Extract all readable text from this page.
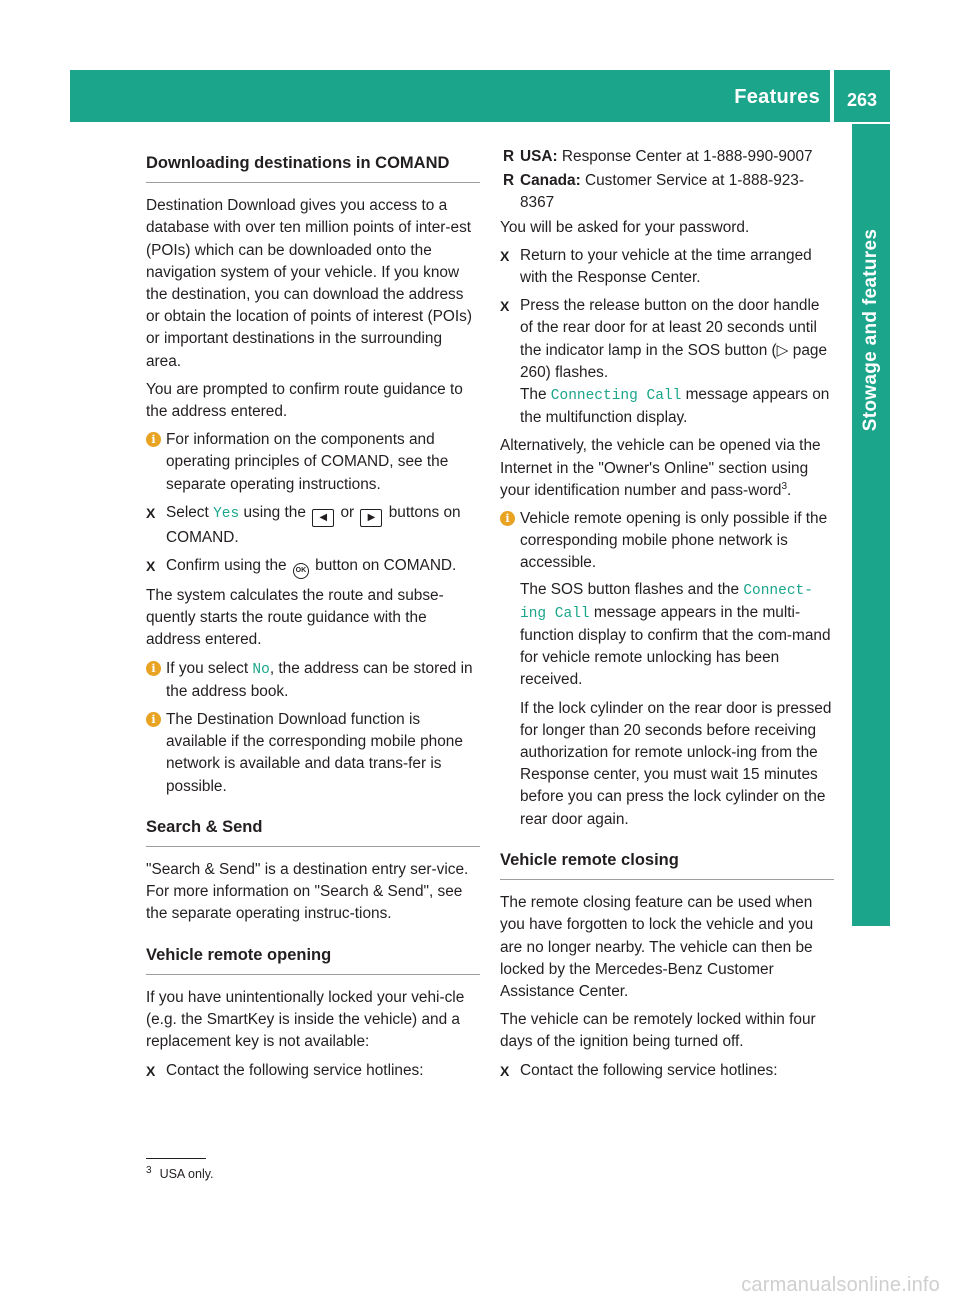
Features	263
Stowage and features
Downloading destinations in COMAND

Destination Download gives you access to a database with over ten million points of inter-est (POIs) which can be downloaded onto the navigation system of your vehicle. If you know the destination, you can download the address or obtain the location of points of interest (POIs) or important destinations in the surrounding area.

You are prompted to confirm route guidance to the address entered.

i For information on the components and operating principles of COMAND, see the separate operating instructions.
X Select Yes using the ◀ or ▶ buttons on COMAND.
X Confirm using the OK button on COMAND.

The system calculates the route and subse-quently starts the route guidance with the address entered.

i If you select No, the address can be stored in the address book.
i The Destination Download function is available if the corresponding mobile phone network is available and data trans-fer is possible.
Search & Send

"Search & Send" is a destination entry ser-vice. For more information on "Search & Send", see the separate operating instruc-tions.

Vehicle remote opening

If you have unintentionally locked your vehi-cle (e.g. the SmartKey is inside the vehicle) and a replacement key is not available:

X Contact the following service hotlines:
R USA: Response Center at 1-888-990-9007
R Canada: Customer Service at 1-888-923-8367

You will be asked for your password.

X Return to your vehicle at the time arranged with the Response Center.
X Press the release button on the door handle of the rear door for at least 20 seconds until the indicator lamp in the SOS button (▷ page 260) flashes.
The Connecting Call message appears on the multifunction display.

Alternatively, the vehicle can be opened via the Internet in the "Owner's Online" section using your identification number and pass-word$^3$.

i Vehicle remote opening is only possible if the corresponding mobile phone network is accessible.

The SOS button flashes and the Connect-ing Call message appears in the multi-function display to confirm that the com-mand for vehicle remote unlocking has been received.

If the lock cylinder on the rear door is pressed for longer than 20 seconds before receiving authorization for remote unlock-ing from the Response center, you must wait 15 minutes before you can press the lock cylinder on the rear door again.

Vehicle remote closing

The remote closing feature can be used when you have forgotten to lock the vehicle and you are no longer nearby. The vehicle can then be locked by the Mercedes-Benz Customer Assistance Center.

The vehicle can be remotely locked within four days of the ignition being turned off.

X Contact the following service hotlines:
$^3$ USA only.
carmanualsonline.info
